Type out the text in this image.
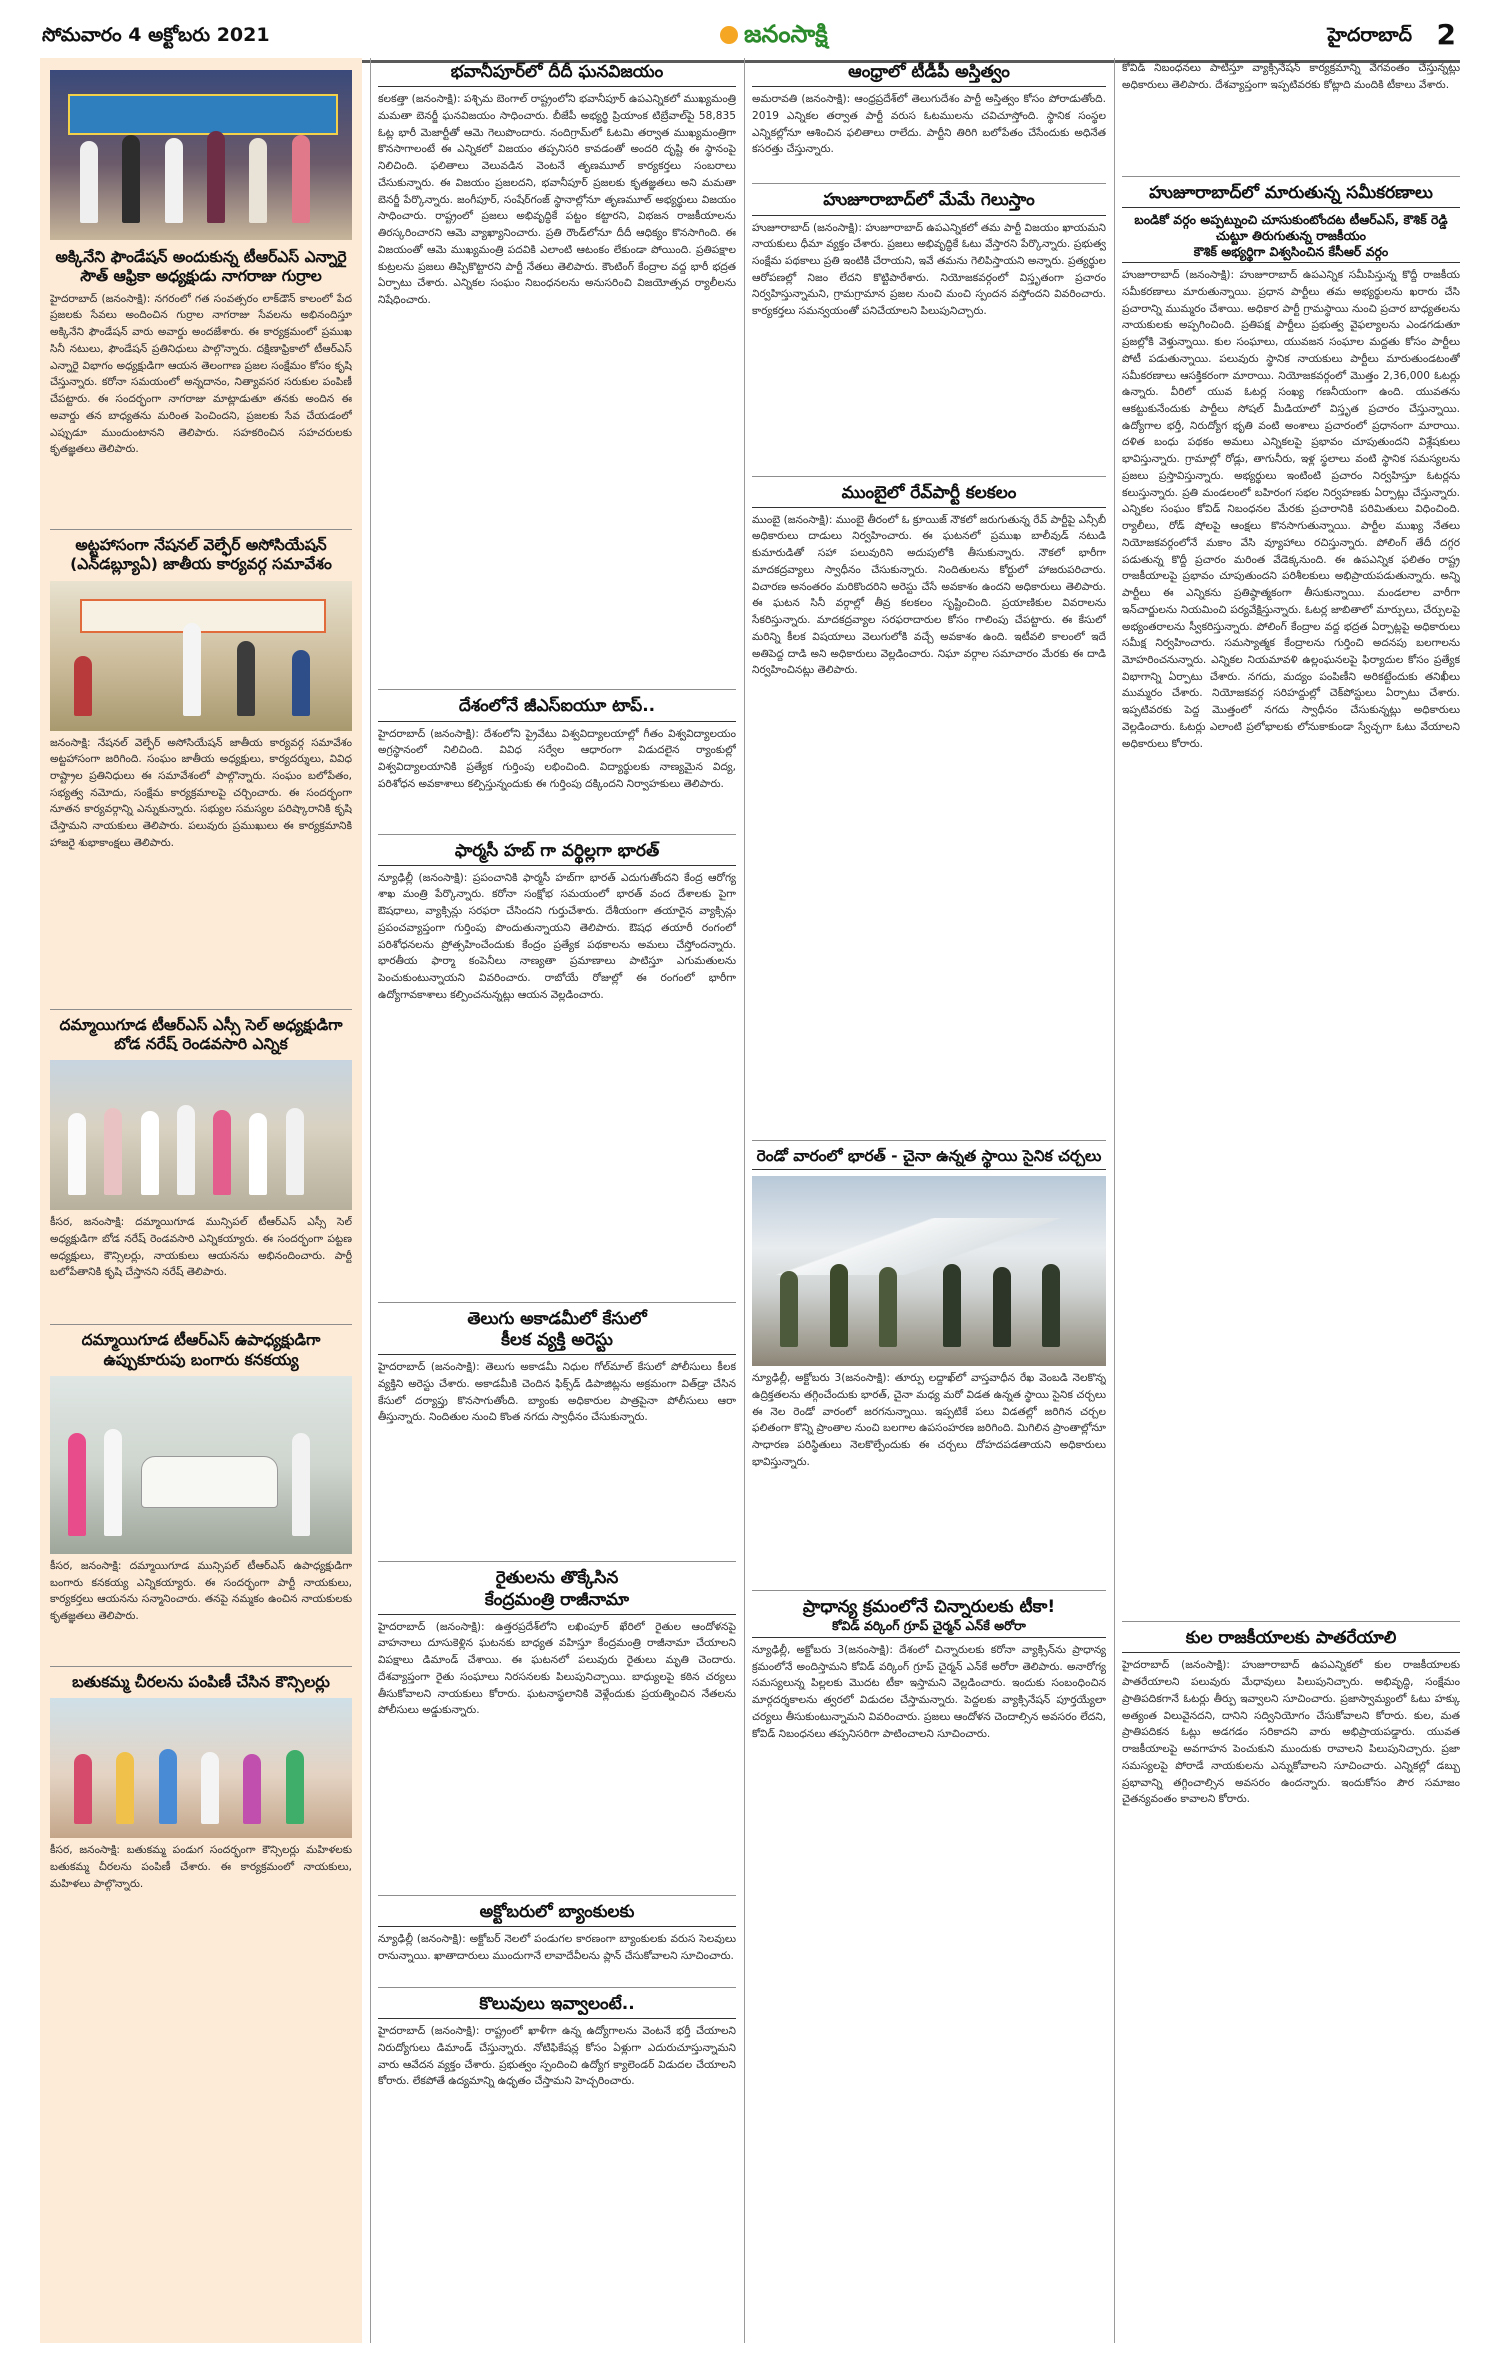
సోమవారం 4 అక్టోబరు 2021	జనంసాక్షి	హైదరాబాద్ 2
అక్కినేని ఫౌండేషన్ అందుకున్న టీఆర్ఎస్ ఎన్నారై సౌత్ ఆఫ్రికా అధ్యక్షుడు నాగరాజు గుర్రాల
హైదరాబాద్ (జనంసాక్షి): నగరంలో గత సంవత్సరం లాక్‌డౌన్ కాలంలో పేద ప్రజలకు సేవలు అందించిన గుర్రాల నాగరాజు సేవలను అభినందిస్తూ అక్కినేని ఫౌండేషన్ వారు అవార్డు అందజేశారు. ఈ కార్యక్రమంలో ప్రముఖ సినీ నటులు, ఫౌండేషన్ ప్రతినిధులు పాల్గొన్నారు. దక్షిణాఫ్రికాలో టీఆర్ఎస్ ఎన్నారై విభాగం అధ్యక్షుడిగా ఆయన తెలంగాణ ప్రజల సంక్షేమం కోసం కృషి చేస్తున్నారు. కరోనా సమయంలో అన్నదానం, నిత్యావసర సరుకుల పంపిణీ చేపట్టారు. ఈ సందర్భంగా నాగరాజు మాట్లాడుతూ తనకు అందిన ఈ అవార్డు తన బాధ్యతను మరింత పెంచిందని, ప్రజలకు సేవ చేయడంలో ఎప్పుడూ ముందుంటానని తెలిపారు. సహకరించిన సహచరులకు కృతజ్ఞతలు తెలిపారు.
అట్టహాసంగా నేషనల్ వెల్ఫేర్ అసోసియేషన్ (ఎన్‌డబ్ల్యూఏ) జాతీయ కార్యవర్గ సమావేశం
జనంసాక్షి: నేషనల్ వెల్ఫేర్ అసోసియేషన్ జాతీయ కార్యవర్గ సమావేశం అట్టహాసంగా జరిగింది. సంఘం జాతీయ అధ్యక్షులు, కార్యదర్శులు, వివిధ రాష్ట్రాల ప్రతినిధులు ఈ సమావేశంలో పాల్గొన్నారు. సంఘం బలోపేతం, సభ్యత్వ నమోదు, సంక్షేమ కార్యక్రమాలపై చర్చించారు. ఈ సందర్భంగా నూతన కార్యవర్గాన్ని ఎన్నుకున్నారు. సభ్యుల సమస్యల పరిష్కారానికి కృషి చేస్తామని నాయకులు తెలిపారు. పలువురు ప్రముఖులు ఈ కార్యక్రమానికి హాజరై శుభాకాంక్షలు తెలిపారు.
దమ్మాయిగూడ టీఆర్ఎస్ ఎస్సీ సెల్ అధ్యక్షుడిగా బోడ నరేష్ రెండవసారి ఎన్నిక
కీసర, జనంసాక్షి: దమ్మాయిగూడ మున్సిపల్ టీఆర్ఎస్ ఎస్సీ సెల్ అధ్యక్షుడిగా బోడ నరేష్ రెండవసారి ఎన్నికయ్యారు. ఈ సందర్భంగా పట్టణ అధ్యక్షులు, కౌన్సిలర్లు, నాయకులు ఆయనను అభినందించారు. పార్టీ బలోపేతానికి కృషి చేస్తానని నరేష్ తెలిపారు.
దమ్మాయిగూడ టీఆర్ఎస్ ఉపాధ్యక్షుడిగా ఉప్పుకూరుపు బంగారు కనకయ్య
కీసర, జనంసాక్షి: దమ్మాయిగూడ మున్సిపల్ టీఆర్ఎస్ ఉపాధ్యక్షుడిగా బంగారు కనకయ్య ఎన్నికయ్యారు. ఈ సందర్భంగా పార్టీ నాయకులు, కార్యకర్తలు ఆయనను సన్మానించారు. తనపై నమ్మకం ఉంచిన నాయకులకు కృతజ్ఞతలు తెలిపారు.
బతుకమ్మ చీరలను పంపిణీ చేసిన కౌన్సిలర్లు
కీసర, జనంసాక్షి: బతుకమ్మ పండుగ సందర్భంగా కౌన్సిలర్లు మహిళలకు బతుకమ్మ చీరలను పంపిణీ చేశారు. ఈ కార్యక్రమంలో నాయకులు, మహిళలు పాల్గొన్నారు.
భవానీపూర్‌లో దీదీ ఘనవిజయం
కలకత్తా (జనంసాక్షి): పశ్చిమ బెంగాల్ రాష్ట్రంలోని భవానీపూర్ ఉపఎన్నికలో ముఖ్యమంత్రి మమతా బెనర్జీ ఘనవిజయం సాధించారు. బీజేపీ అభ్యర్థి ప్రియాంక టిబ్రేవాల్‌పై 58,835 ఓట్ల భారీ మెజార్టీతో ఆమె గెలుపొందారు. నందిగ్రామ్‌లో ఓటమి తర్వాత ముఖ్యమంత్రిగా కొనసాగాలంటే ఈ ఎన్నికలో విజయం తప్పనిసరి కావడంతో అందరి దృష్టి ఈ స్థానంపై నిలిచింది. ఫలితాలు వెలువడిన వెంటనే తృణమూల్ కార్యకర్తలు సంబరాలు చేసుకున్నారు. ఈ విజయం ప్రజలదని, భవానీపూర్ ప్రజలకు కృతజ్ఞతలు అని మమతా బెనర్జీ పేర్కొన్నారు. జంగీపూర్, సంషేర్‌గంజ్ స్థానాల్లోనూ తృణమూల్ అభ్యర్థులు విజయం సాధించారు. రాష్ట్రంలో ప్రజలు అభివృద్ధికే పట్టం కట్టారని, విభజన రాజకీయాలను తిరస్కరించారని ఆమె వ్యాఖ్యానించారు. ప్రతి రౌండ్‌లోనూ దీదీ ఆధిక్యం కొనసాగింది. ఈ విజయంతో ఆమె ముఖ్యమంత్రి పదవికి ఎలాంటి ఆటంకం లేకుండా పోయింది. ప్రతిపక్షాల కుట్రలను ప్రజలు తిప్పికొట్టారని పార్టీ నేతలు తెలిపారు. కౌంటింగ్ కేంద్రాల వద్ద భారీ భద్రత ఏర్పాటు చేశారు. ఎన్నికల సంఘం నిబంధనలను అనుసరించి విజయోత్సవ ర్యాలీలను నిషేధించారు.
దేశంలోనే జీఎస్‌ఐయూ టాప్..
హైదరాబాద్ (జనంసాక్షి): దేశంలోని ప్రైవేటు విశ్వవిద్యాలయాల్లో గీతం విశ్వవిద్యాలయం అగ్రస్థానంలో నిలిచింది. వివిధ సర్వేల ఆధారంగా విడుదలైన ర్యాంకుల్లో విశ్వవిద్యాలయానికి ప్రత్యేక గుర్తింపు లభించింది. విద్యార్థులకు నాణ్యమైన విద్య, పరిశోధన అవకాశాలు కల్పిస్తున్నందుకు ఈ గుర్తింపు దక్కిందని నిర్వాహకులు తెలిపారు.
ఫార్మసీ హబ్ గా వర్థిల్లగా భారత్
న్యూఢిల్లీ (జనంసాక్షి): ప్రపంచానికి ఫార్మసీ హబ్‌గా భారత్ ఎదుగుతోందని కేంద్ర ఆరోగ్య శాఖ మంత్రి పేర్కొన్నారు. కరోనా సంక్షోభ సమయంలో భారత్ వంద దేశాలకు పైగా ఔషధాలు, వ్యాక్సిన్లు సరఫరా చేసిందని గుర్తుచేశారు. దేశీయంగా తయారైన వ్యాక్సిన్లు ప్రపంచవ్యాప్తంగా గుర్తింపు పొందుతున్నాయని తెలిపారు. ఔషధ తయారీ రంగంలో పరిశోధనలను ప్రోత్సహించేందుకు కేంద్రం ప్రత్యేక పథకాలను అమలు చేస్తోందన్నారు. భారతీయ ఫార్మా కంపెనీలు నాణ్యతా ప్రమాణాలు పాటిస్తూ ఎగుమతులను పెంచుకుంటున్నాయని వివరించారు. రాబోయే రోజుల్లో ఈ రంగంలో భారీగా ఉద్యోగావకాశాలు కల్పించనున్నట్లు ఆయన వెల్లడించారు.
తెలుగు అకాడమీలో కేసులో
కీలక వ్యక్తి అరెస్టు
హైదరాబాద్ (జనంసాక్షి): తెలుగు అకాడమీ నిధుల గోల్‌మాల్ కేసులో పోలీసులు కీలక వ్యక్తిని అరెస్టు చేశారు. అకాడమీకి చెందిన ఫిక్స్‌డ్ డిపాజిట్లను అక్రమంగా విత్‌డ్రా చేసిన కేసులో దర్యాప్తు కొనసాగుతోంది. బ్యాంకు అధికారుల పాత్రపైనా పోలీసులు ఆరా తీస్తున్నారు. నిందితుల నుంచి కొంత నగదు స్వాధీనం చేసుకున్నారు.
రైతులను తొక్కేసిన
కేంద్రమంత్రి రాజీనామా
హైదరాబాద్ (జనంసాక్షి): ఉత్తరప్రదేశ్‌లోని లఖింపూర్ ఖేరిలో రైతుల ఆందోళనపై వాహనాలు దూసుకెళ్లిన ఘటనకు బాధ్యత వహిస్తూ కేంద్రమంత్రి రాజీనామా చేయాలని విపక్షాలు డిమాండ్ చేశాయి. ఈ ఘటనలో పలువురు రైతులు మృతి చెందారు. దేశవ్యాప్తంగా రైతు సంఘాలు నిరసనలకు పిలుపునిచ్చాయి. బాధ్యులపై కఠిన చర్యలు తీసుకోవాలని నాయకులు కోరారు. ఘటనాస్థలానికి వెళ్లేందుకు ప్రయత్నించిన నేతలను పోలీసులు అడ్డుకున్నారు.
అక్టోబరులో బ్యాంకులకు
న్యూఢిల్లీ (జనంసాక్షి): అక్టోబర్ నెలలో పండుగల కారణంగా బ్యాంకులకు వరుస సెలవులు రానున్నాయి. ఖాతాదారులు ముందుగానే లావాదేవీలను ప్లాన్ చేసుకోవాలని సూచించారు.
కొలువులు ఇవ్వాలంటే..
హైదరాబాద్ (జనంసాక్షి): రాష్ట్రంలో ఖాళీగా ఉన్న ఉద్యోగాలను వెంటనే భర్తీ చేయాలని నిరుద్యోగులు డిమాండ్ చేస్తున్నారు. నోటిఫికేషన్ల కోసం ఏళ్లుగా ఎదురుచూస్తున్నామని వారు ఆవేదన వ్యక్తం చేశారు. ప్రభుత్వం స్పందించి ఉద్యోగ క్యాలెండర్ విడుదల చేయాలని కోరారు. లేకపోతే ఉద్యమాన్ని ఉధృతం చేస్తామని హెచ్చరించారు.
ఆంధ్రాలో టీడీపీ అస్తిత్వం
అమరావతి (జనంసాక్షి): ఆంధ్రప్రదేశ్‌లో తెలుగుదేశం పార్టీ అస్తిత్వం కోసం పోరాడుతోంది. 2019 ఎన్నికల తర్వాత పార్టీ వరుస ఓటములను చవిచూస్తోంది. స్థానిక సంస్థల ఎన్నికల్లోనూ ఆశించిన ఫలితాలు రాలేదు. పార్టీని తిరిగి బలోపేతం చేసేందుకు అధినేత కసరత్తు చేస్తున్నారు.
హుజూరాబాద్‌లో మేమే గెలుస్తాం
హుజూరాబాద్ (జనంసాక్షి): హుజూరాబాద్ ఉపఎన్నికలో తమ పార్టీ విజయం ఖాయమని నాయకులు ధీమా వ్యక్తం చేశారు. ప్రజలు అభివృద్ధికే ఓటు వేస్తారని పేర్కొన్నారు. ప్రభుత్వ సంక్షేమ పథకాలు ప్రతి ఇంటికి చేరాయని, ఇవే తమను గెలిపిస్తాయని అన్నారు. ప్రత్యర్థుల ఆరోపణల్లో నిజం లేదని కొట్టిపారేశారు. నియోజకవర్గంలో విస్తృతంగా ప్రచారం నిర్వహిస్తున్నామని, గ్రామగ్రామాన ప్రజల నుంచి మంచి స్పందన వస్తోందని వివరించారు. కార్యకర్తలు సమన్వయంతో పనిచేయాలని పిలుపునిచ్చారు.
ముంబైలో రేవ్‌పార్టీ కలకలం
ముంబై (జనంసాక్షి): ముంబై తీరంలో ఓ క్రూయిజ్ నౌకలో జరుగుతున్న రేవ్ పార్టీపై ఎన్సీబీ అధికారులు దాడులు నిర్వహించారు. ఈ ఘటనలో ప్రముఖ బాలీవుడ్ నటుడి కుమారుడితో సహా పలువురిని అదుపులోకి తీసుకున్నారు. నౌకలో భారీగా మాదకద్రవ్యాలు స్వాధీనం చేసుకున్నారు. నిందితులను కోర్టులో హాజరుపరిచారు. విచారణ అనంతరం మరికొందరిని అరెస్టు చేసే అవకాశం ఉందని అధికారులు తెలిపారు. ఈ ఘటన సినీ వర్గాల్లో తీవ్ర కలకలం సృష్టించింది. ప్రయాణికుల వివరాలను సేకరిస్తున్నారు. మాదకద్రవ్యాల సరఫరాదారుల కోసం గాలింపు చేపట్టారు. ఈ కేసులో మరిన్ని కీలక విషయాలు వెలుగులోకి వచ్చే అవకాశం ఉంది. ఇటీవలి కాలంలో ఇదే అతిపెద్ద దాడి అని అధికారులు వెల్లడించారు. నిఘా వర్గాల సమాచారం మేరకు ఈ దాడి నిర్వహించినట్లు తెలిపారు.
రెండో వారంలో భారత్ - చైనా ఉన్నత స్థాయి సైనిక చర్చలు
న్యూఢిల్లీ, అక్టోబరు 3(జనంసాక్షి): తూర్పు లద్దాఖ్‌లో వాస్తవాధీన రేఖ వెంబడి నెలకొన్న ఉద్రిక్తతలను తగ్గించేందుకు భారత్, చైనా మధ్య మరో విడత ఉన్నత స్థాయి సైనిక చర్చలు ఈ నెల రెండో వారంలో జరగనున్నాయి. ఇప్పటికే పలు విడతల్లో జరిగిన చర్చల ఫలితంగా కొన్ని ప్రాంతాల నుంచి బలగాల ఉపసంహరణ జరిగింది. మిగిలిన ప్రాంతాల్లోనూ సాధారణ పరిస్థితులు నెలకొల్పేందుకు ఈ చర్చలు దోహదపడతాయని అధికారులు భావిస్తున్నారు.
ప్రాధాన్య క్రమంలోనే చిన్నారులకు టీకా!
కోవిడ్ వర్కింగ్ గ్రూప్ చైర్మన్ ఎన్‌కే అరోరా
న్యూఢిల్లీ, అక్టోబరు 3(జనంసాక్షి): దేశంలో చిన్నారులకు కరోనా వ్యాక్సిన్‌ను ప్రాధాన్య క్రమంలోనే అందిస్తామని కోవిడ్ వర్కింగ్ గ్రూప్ చైర్మన్ ఎన్‌కే అరోరా తెలిపారు. అనారోగ్య సమస్యలున్న పిల్లలకు మొదట టీకా ఇస్తామని వెల్లడించారు. ఇందుకు సంబంధించిన మార్గదర్శకాలను త్వరలో విడుదల చేస్తామన్నారు. పెద్దలకు వ్యాక్సినేషన్ పూర్తయ్యేలా చర్యలు తీసుకుంటున్నామని వివరించారు. ప్రజలు ఆందోళన చెందాల్సిన అవసరం లేదని, కోవిడ్ నిబంధనలు తప్పనిసరిగా పాటించాలని సూచించారు.
కోవిడ్ నిబంధనలు పాటిస్తూ వ్యాక్సినేషన్ కార్యక్రమాన్ని వేగవంతం చేస్తున్నట్లు అధికారులు తెలిపారు. దేశవ్యాప్తంగా ఇప్పటివరకు కోట్లాది మందికి టీకాలు వేశారు.
హుజూరాబాద్‌లో మారుతున్న సమీకరణాలు
బండికో వర్గం అప్పట్నుంచి చూసుకుంటోందట టీఆర్ఎస్, కౌశిక్ రెడ్డి చుట్టూ తిరుగుతున్న రాజకీయం
కౌశిక్ అభ్యర్థిగా విశ్వసించిన కేసీఆర్ వర్గం
హుజూరాబాద్ (జనంసాక్షి): హుజూరాబాద్ ఉపఎన్నిక సమీపిస్తున్న కొద్దీ రాజకీయ సమీకరణాలు మారుతున్నాయి. ప్రధాన పార్టీలు తమ అభ్యర్థులను ఖరారు చేసి ప్రచారాన్ని ముమ్మరం చేశాయి. అధికార పార్టీ గ్రామస్థాయి నుంచి ప్రచార బాధ్యతలను నాయకులకు అప్పగించింది. ప్రతిపక్ష పార్టీలు ప్రభుత్వ వైఫల్యాలను ఎండగడుతూ ప్రజల్లోకి వెళ్తున్నాయి. కుల సంఘాలు, యువజన సంఘాల మద్దతు కోసం పార్టీలు పోటీ పడుతున్నాయి. పలువురు స్థానిక నాయకులు పార్టీలు మారుతుండటంతో సమీకరణాలు ఆసక్తికరంగా మారాయి. నియోజకవర్గంలో మొత్తం 2,36,000 ఓటర్లు ఉన్నారు. వీరిలో యువ ఓటర్ల సంఖ్య గణనీయంగా ఉంది. యువతను ఆకట్టుకునేందుకు పార్టీలు సోషల్ మీడియాలో విస్తృత ప్రచారం చేస్తున్నాయి. ఉద్యోగాల భర్తీ, నిరుద్యోగ భృతి వంటి అంశాలు ప్రచారంలో ప్రధానంగా మారాయి. దళిత బంధు పథకం అమలు ఎన్నికలపై ప్రభావం చూపుతుందని విశ్లేషకులు భావిస్తున్నారు. గ్రామాల్లో రోడ్లు, తాగునీరు, ఇళ్ల స్థలాలు వంటి స్థానిక సమస్యలను ప్రజలు ప్రస్తావిస్తున్నారు. అభ్యర్థులు ఇంటింటి ప్రచారం నిర్వహిస్తూ ఓటర్లను కలుస్తున్నారు. ప్రతి మండలంలో బహిరంగ సభల నిర్వహణకు ఏర్పాట్లు చేస్తున్నారు. ఎన్నికల సంఘం కోవిడ్ నిబంధనల మేరకు ప్రచారానికి పరిమితులు విధించింది. ర్యాలీలు, రోడ్ షోలపై ఆంక్షలు కొనసాగుతున్నాయి. పార్టీల ముఖ్య నేతలు నియోజకవర్గంలోనే మకాం వేసి వ్యూహాలు రచిస్తున్నారు. పోలింగ్ తేదీ దగ్గర పడుతున్న కొద్దీ ప్రచారం మరింత వేడెక్కనుంది. ఈ ఉపఎన్నిక ఫలితం రాష్ట్ర రాజకీయాలపై ప్రభావం చూపుతుందని పరిశీలకులు అభిప్రాయపడుతున్నారు. అన్ని పార్టీలు ఈ ఎన్నికను ప్రతిష్ఠాత్మకంగా తీసుకున్నాయి. మండలాల వారీగా ఇన్‌చార్జులను నియమించి పర్యవేక్షిస్తున్నారు. ఓటర్ల జాబితాలో మార్పులు, చేర్పులపై అభ్యంతరాలను స్వీకరిస్తున్నారు. పోలింగ్ కేంద్రాల వద్ద భద్రత ఏర్పాట్లపై అధికారులు సమీక్ష నిర్వహించారు. సమస్యాత్మక కేంద్రాలను గుర్తించి అదనపు బలగాలను మోహరించనున్నారు. ఎన్నికల నియమావళి ఉల్లంఘనలపై ఫిర్యాదుల కోసం ప్రత్యేక విభాగాన్ని ఏర్పాటు చేశారు. నగదు, మద్యం పంపిణీని అరికట్టేందుకు తనిఖీలు ముమ్మరం చేశారు. నియోజకవర్గ సరిహద్దుల్లో చెక్‌పోస్టులు ఏర్పాటు చేశారు. ఇప్పటివరకు పెద్ద మొత్తంలో నగదు స్వాధీనం చేసుకున్నట్లు అధికారులు వెల్లడించారు. ఓటర్లు ఎలాంటి ప్రలోభాలకు లోనుకాకుండా స్వేచ్ఛగా ఓటు వేయాలని అధికారులు కోరారు.
కుల రాజకీయాలకు పాతరేయాలి
హైదరాబాద్ (జనంసాక్షి): హుజూరాబాద్ ఉపఎన్నికలో కుల రాజకీయాలకు పాతరేయాలని పలువురు మేధావులు పిలుపునిచ్చారు. అభివృద్ధి, సంక్షేమం ప్రాతిపదికగానే ఓటర్లు తీర్పు ఇవ్వాలని సూచించారు. ప్రజాస్వామ్యంలో ఓటు హక్కు అత్యంత విలువైనదని, దానిని సద్వినియోగం చేసుకోవాలని కోరారు. కుల, మత ప్రాతిపదికన ఓట్లు అడగడం సరికాదని వారు అభిప్రాయపడ్డారు. యువత రాజకీయాలపై అవగాహన పెంచుకుని ముందుకు రావాలని పిలుపునిచ్చారు. ప్రజా సమస్యలపై పోరాడే నాయకులను ఎన్నుకోవాలని సూచించారు. ఎన్నికల్లో డబ్బు ప్రభావాన్ని తగ్గించాల్సిన అవసరం ఉందన్నారు. ఇందుకోసం పౌర సమాజం చైతన్యవంతం కావాలని కోరారు.
